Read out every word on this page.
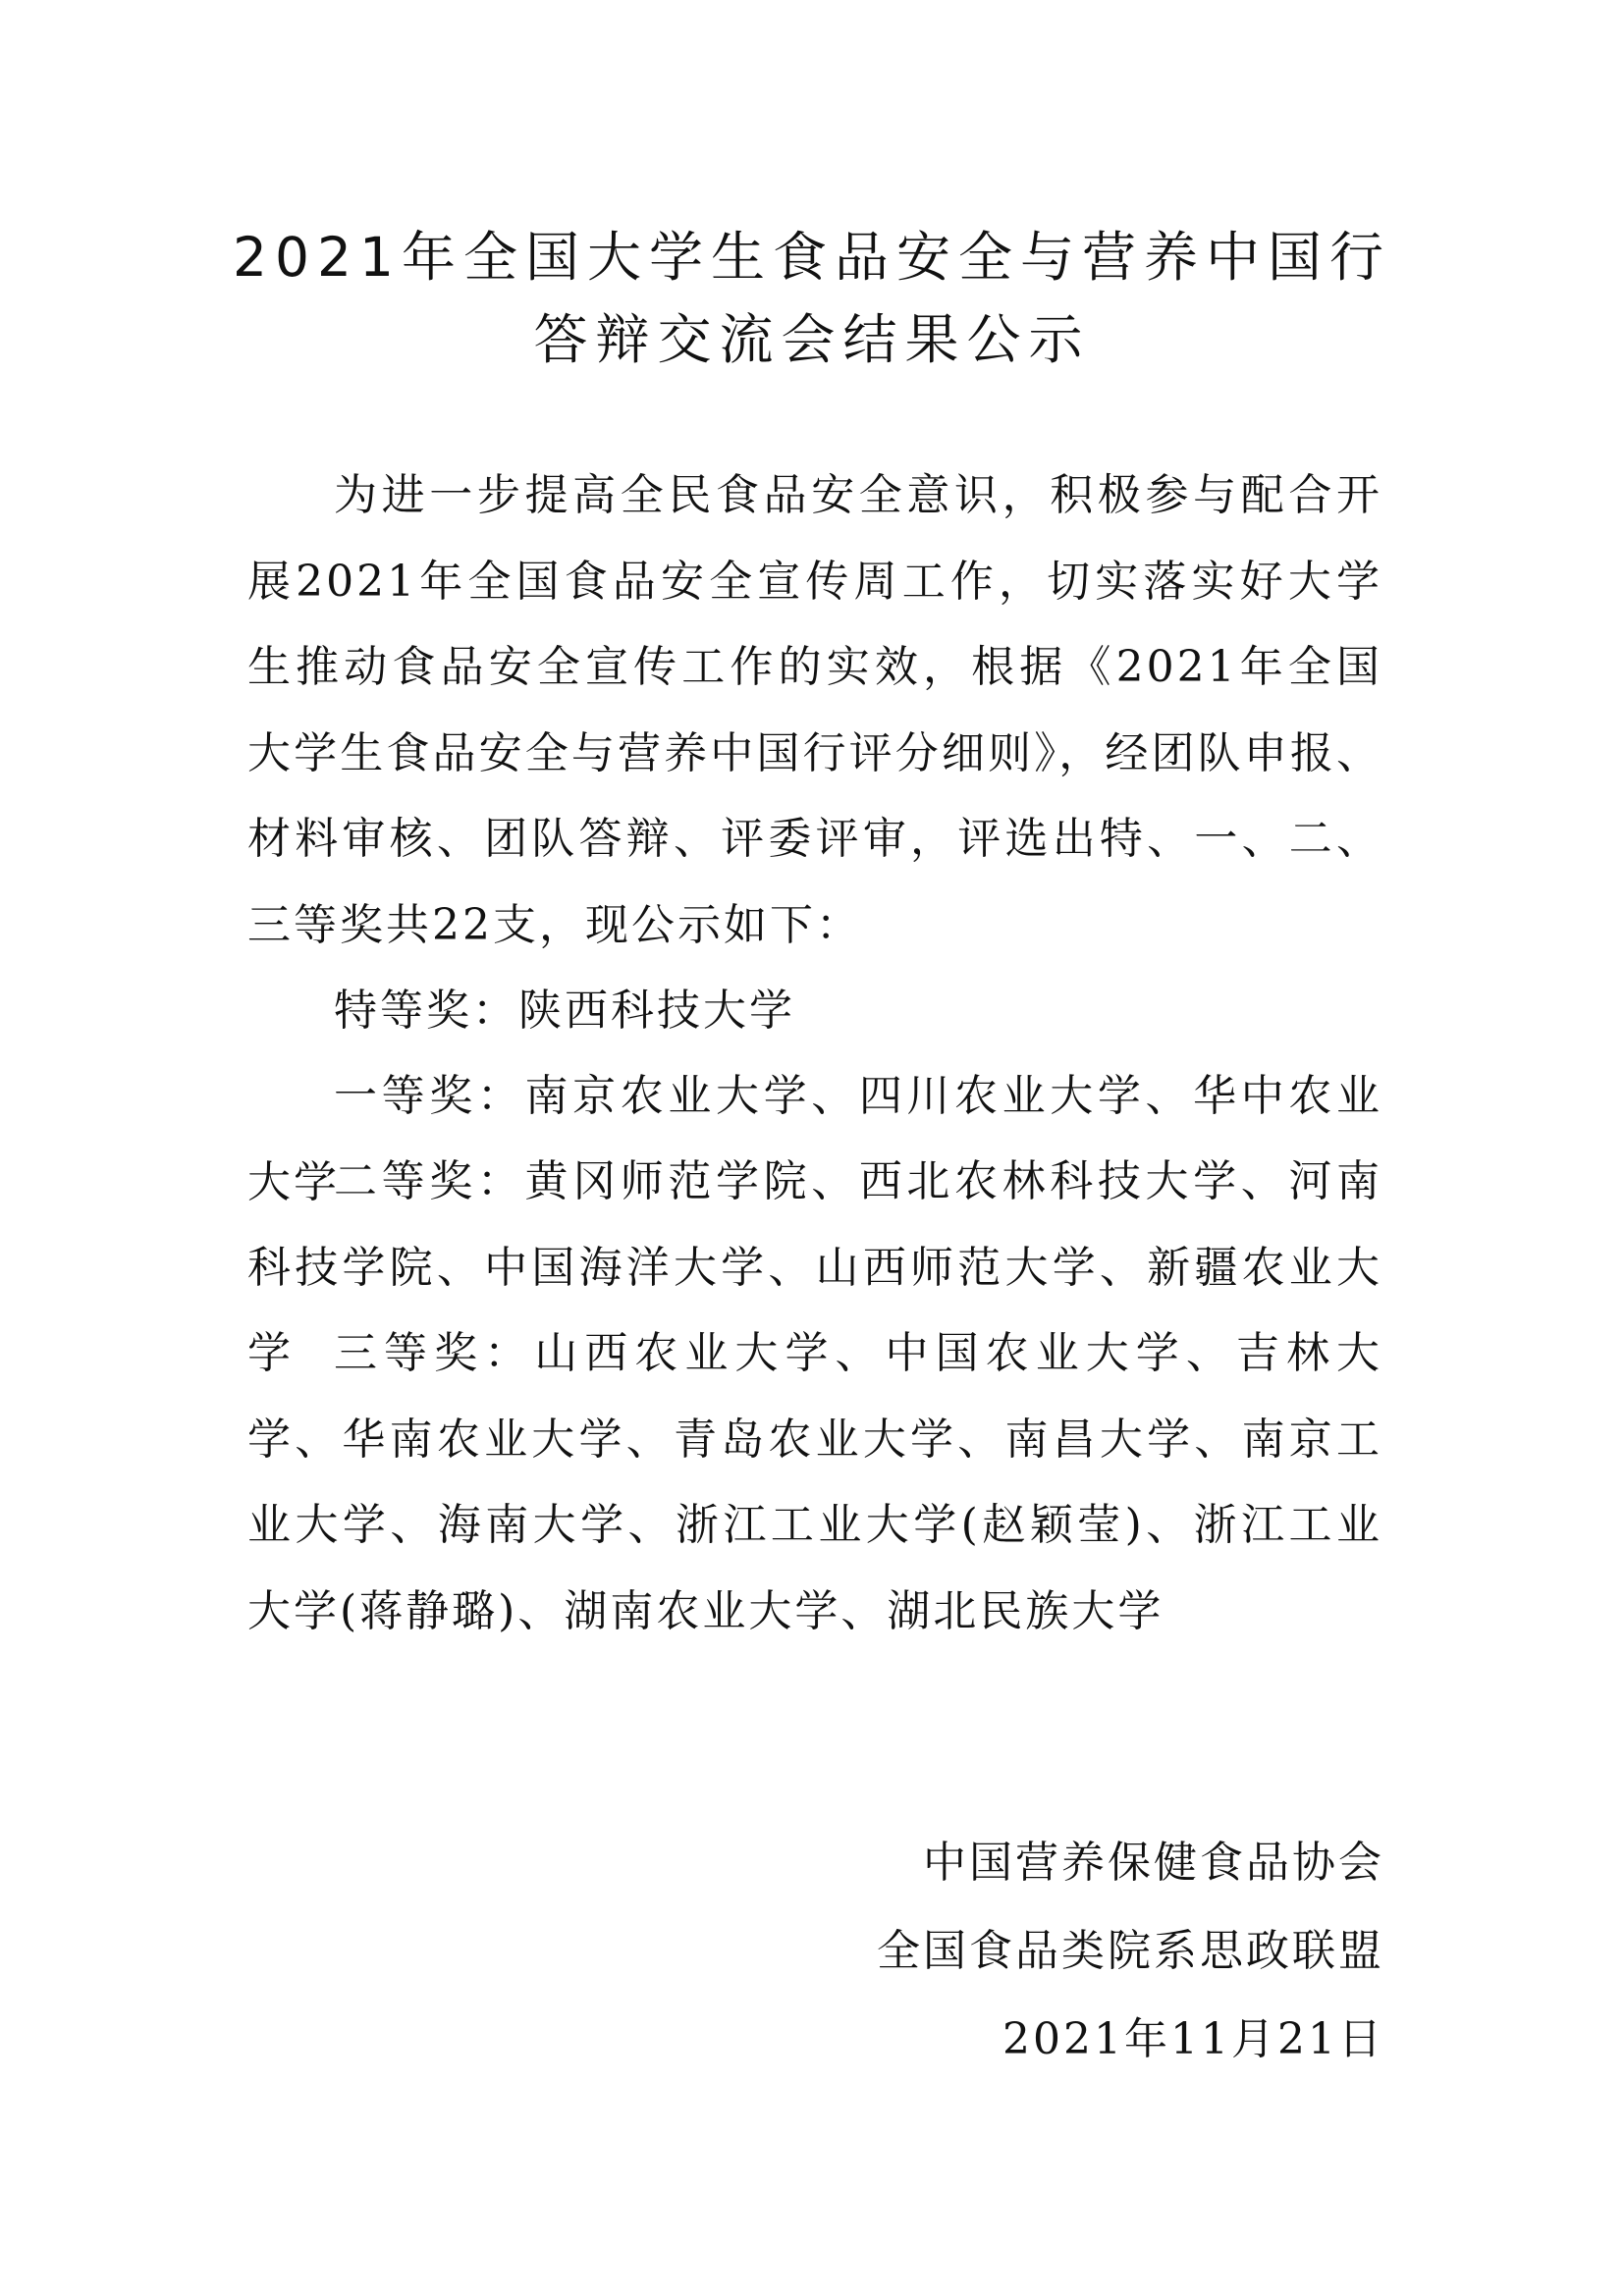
2021年全国大学生食品安全与营养中国行
答辩交流会结果公示

为进一步提高全民食品安全意识，积极参与配合开展2021年全国食品安全宣传周工作，切实落实好大学生推动食品安全宣传工作的实效，根据《2021年全国大学生食品安全与营养中国行评分细则》，经团队申报、材料审核、团队答辩、评委评审，评选出特、一、二、三等奖共22支，现公示如下：

特等奖：陕西科技大学

一等奖：南京农业大学、四川农业大学、华中农业大学

二等奖：黄冈师范学院、西北农林科技大学、河南科技学院、中国海洋大学、山西师范大学、新疆农业大学 三等奖：山西农业大学、中国农业大学、吉林大学、华南农业大学、青岛农业大学、南昌大学、南京工业大学、海南大学、浙江工业大学(赵颖莹)、浙江工业大学(蒋静璐)、湖南农业大学、湖北民族大学

中国营养保健食品协会
全国食品类院系思政联盟
2021年11月21日
